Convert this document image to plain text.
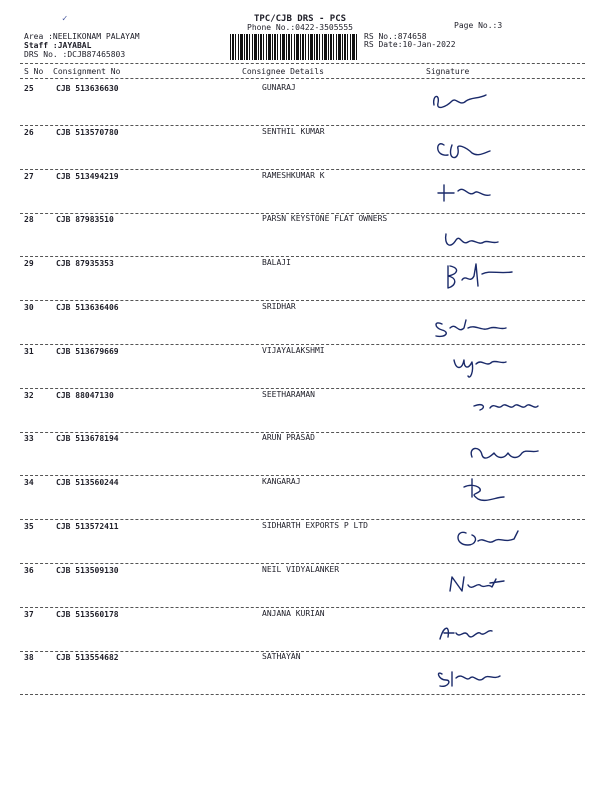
✓	TPC/CJB DRS - PCS
Phone No.:0422-3505555
Area :NEELIKONAM PALAYAM
Staff :JAYABAL
DRS No. :DCJB87465803
RS No.:874658
RS Date:10-Jan-2022
Page No.:3
S No Consignment No	Consignee Details	Signature
25	CJB 513636630	GUNARAJ
26	CJB 513570780	SENTHIL KUMAR
27	CJB 513494219	RAMESHKUMAR K
28	CJB 87983510	PARSN KEYSTONE FLAT OWNERS
29	CJB 87935353	BALAJI
30	CJB 513636406	SRIDHAR
31	CJB 513679669	VIJAYALAKSHMI
32	CJB 88047130	SEETHARAMAN
33	CJB 513678194	ARUN PRASAD
34	CJB 513560244	KANGARAJ
35	CJB 513572411	SIDHARTH EXPORTS P LTD
36	CJB 513509130	NEIL VIDYALANKER
37	CJB 513560178	ANJANA KURIAN
38	CJB 513554682	SATHAYAN
